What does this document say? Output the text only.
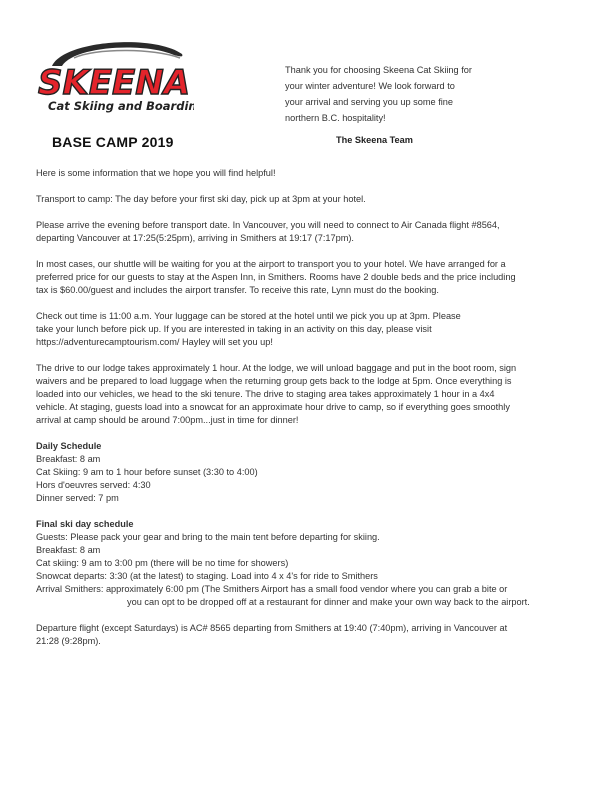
SKEENA
Cat Skiing and Boarding
Thank you for choosing Skeena Cat Skiing for
your winter adventure! We look forward to
your arrival and serving you up some fine
northern B.C. hospitality!
The Skeena Team
BASE CAMP 2019

Here is some information that we hope you will find helpful!

Transport to camp: The day before your first ski day, pick up at 3pm at your hotel.

Please arrive the evening before transport date. In Vancouver, you will need to connect to Air Canada flight #8564,
departing Vancouver at 17:25(5:25pm), arriving in Smithers at 19:17 (7:17pm).

In most cases, our shuttle will be waiting for you at the airport to transport you to your hotel. We have arranged for a
preferred price for our guests to stay at the Aspen Inn, in Smithers. Rooms have 2 double beds and the price including
tax is $60.00/guest and includes the airport transfer. To receive this rate, Lynn must do the booking.

Check out time is 11:00 a.m. Your luggage can be stored at the hotel until we pick you up at 3pm. Please
take your lunch before pick up. If you are interested in taking in an activity on this day, please visit
https://adventurecamptourism.com/ Hayley will set you up!

The drive to our lodge takes approximately 1 hour. At the lodge, we will unload baggage and put in the boot room, sign
waivers and be prepared to load luggage when the returning group gets back to the lodge at 5pm. Once everything is
loaded into our vehicles, we head to the ski tenure. The drive to staging area takes approximately 1 hour in a 4x4
vehicle. At staging, guests load into a snowcat for an approximate hour drive to camp, so if everything goes smoothly
arrival at camp should be around 7:00pm...just in time for dinner!

Daily Schedule
Breakfast: 8 am
Cat Skiing: 9 am to 1 hour before sunset (3:30 to 4:00)
Hors d'oeuvres served: 4:30
Dinner served: 7 pm
Final ski day schedule
Guests: Please pack your gear and bring to the main tent before departing for skiing.
Breakfast: 8 am
Cat skiing: 9 am to 3:00 pm (there will be no time for showers)
Snowcat departs: 3:30 (at the latest) to staging. Load into 4 x 4's for ride to Smithers
Arrival Smithers: approximately 6:00 pm (The Smithers Airport has a small food vendor where you can grab a bite or
you can opt to be dropped off at a restaurant for dinner and make your own way back to the airport.

Departure flight (except Saturdays) is AC# 8565 departing from Smithers at 19:40 (7:40pm), arriving in Vancouver at
21:28 (9:28pm).
